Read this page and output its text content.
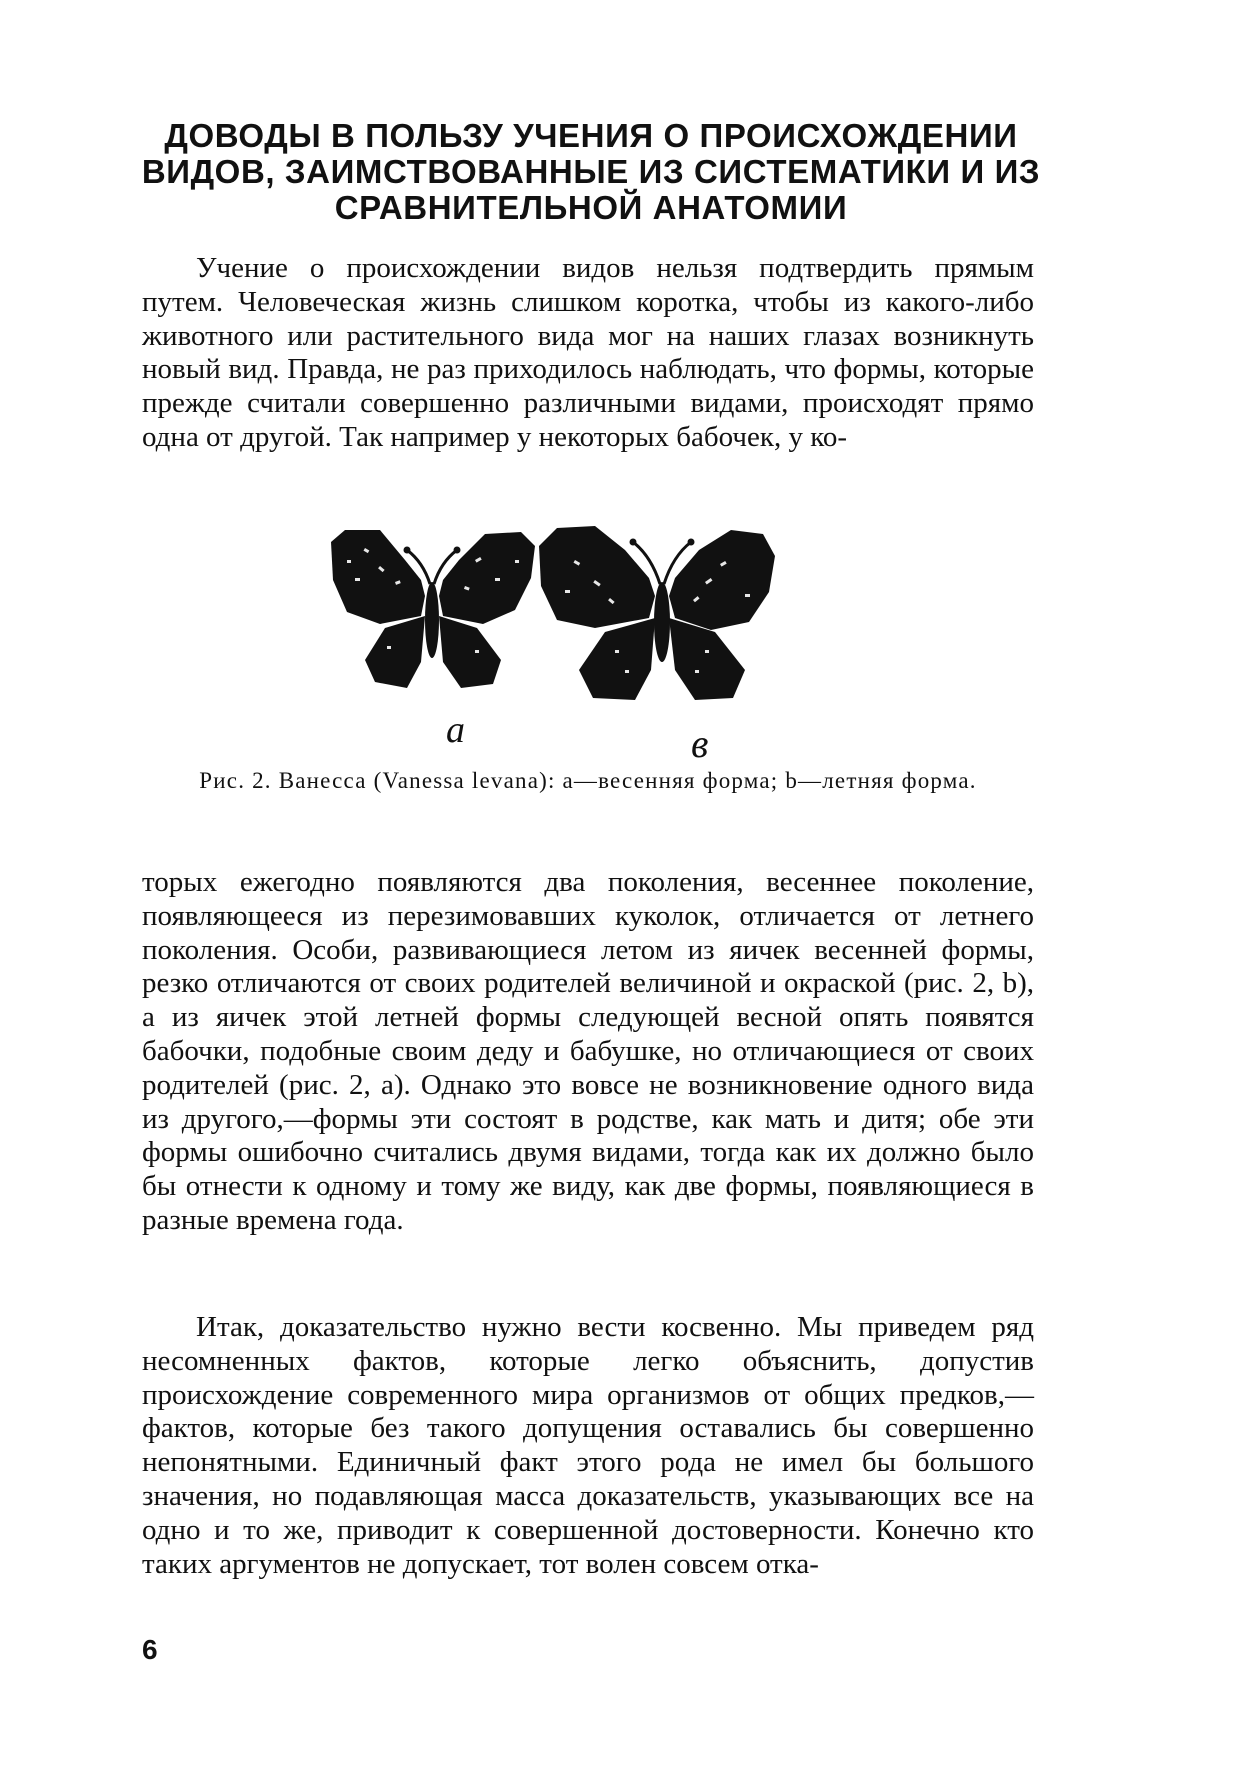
ДОВОДЫ В ПОЛЬЗУ УЧЕНИЯ О ПРОИСХОЖДЕНИИ
ВИДОВ, ЗАИМСТВОВАННЫЕ ИЗ СИСТЕМАТИКИ И ИЗ
СРАВНИТЕЛЬНОЙ АНАТОМИИ

Учение о происхождении видов нельзя подтвердить прямым путем. Человеческая жизнь слишком коротка, чтобы из какого-либо животного или растительного вида мог на наших глазах возникнуть новый вид. Правда, не раз приходилось наблюдать, что формы, которые прежде считали совершенно различными видами, происходят прямо одна от другой. Так например у некоторых бабочек, у ко-

а	в

Рис. 2. Ванесса (Vanessa levana): а—весенняя форма; b—летняя форма.

торых ежегодно появляются два поколения, весеннее поколение, появляющееся из перезимовавших куколок, отличается от летнего поколения. Особи, развивающиеся летом из яичек весенней формы, резко отличаются от своих родителей величиной и окраской (рис. 2, b), а из яичек этой летней формы следующей весной опять появятся бабочки, подобные своим деду и бабушке, но отличающиеся от своих родителей (рис. 2, а). Однако это вовсе не возникновение одного вида из другого,—формы эти состоят в родстве, как мать и дитя; обе эти формы ошибочно считались двумя видами, тогда как их должно было бы отнести к одному и тому же виду, как две формы, появляющиеся в разные времена года.

Итак, доказательство нужно вести косвенно. Мы приведем ряд несомненных фактов, которые легко объяснить, допустив происхождение современного мира организмов от общих предков,—фактов, которые без такого допущения оставались бы совершенно непонятными. Единичный факт этого рода не имел бы большого значения, но подавляющая масса доказательств, указывающих все на одно и то же, приводит к совершенной достоверности. Конечно кто таких аргументов не допускает, тот волен совсем отка-

6
